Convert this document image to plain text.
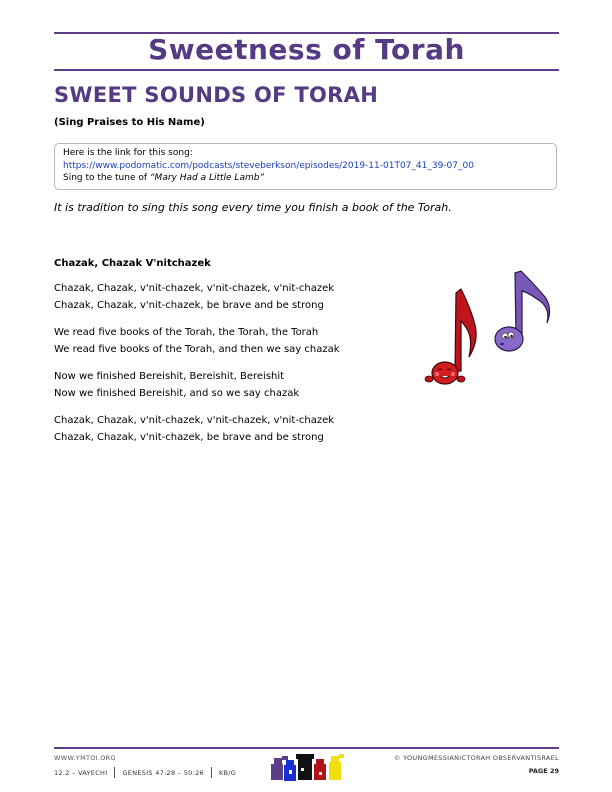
Sweetness of Torah
SWEET SOUNDS OF TORAH
(Sing Praises to His Name)
Here is the link for this song:
https://www.podomatic.com/podcasts/steveberkson/episodes/2019-11-01T07_41_39-07_00
Sing to the tune of “Mary Had a Little Lamb”
It is tradition to sing this song every time you finish a book of the Torah.
Chazak, Chazak V'nitchazek
Chazak, Chazak, v'nit-chazek, v'nit-chazek, v'nit-chazek
Chazak, Chazak, v'nit-chazek, be brave and be strong
We read five books of the Torah, the Torah, the Torah
We read five books of the Torah, and then we say chazak
Now we finished Bereishit, Bereishit, Bereishit
Now we finished Bereishit, and so we say chazak
Chazak, Chazak, v'nit-chazek, v'nit-chazek, v'nit-chazek
Chazak, Chazak, v'nit-chazek, be brave and be strong
WWW.YMTOI.ORG
12.2 – VAYECHI GENESIS 47:28 – 50:26 KB/G
© YOUNGMESSIANICTORAH OBSERVANTISRAEL
PAGE 29
